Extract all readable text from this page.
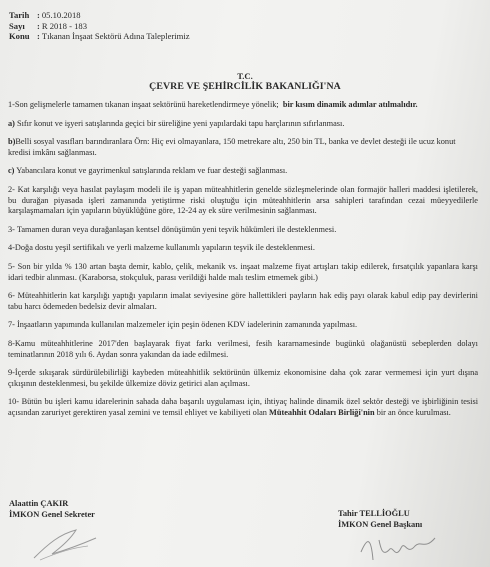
Tarih : 05.10.2018
Sayı : R 2018 - 183
Konu : Tıkanan İnşaat Sektörü Adına Taleplerimiz
T.C.
ÇEVRE VE ŞEHİRCİLİK BAKANLIĞI'NA

1-Son gelişmelerle tamamen tıkanan inşaat sektörünü hareketlendirmeye yönelik; bir kısım dinamik adımlar atılmalıdır.

a) Sıfır konut ve işyeri satışlarında geçici bir süreliğine yeni yapılardaki tapu harçlarının sıfırlanması.

b)Belli sosyal vasıfları barındıranlara Örn: Hiç evi olmayanlara, 150 metrekare altı, 250 bin TL, banka ve devlet desteği ile ucuz konut kredisi imkânı sağlanması.

c) Yabancılara konut ve gayrimenkul satışlarında reklam ve fuar desteği sağlanması.

2- Kat karşılığı veya hasılat paylaşım modeli ile iş yapan müteahhitlerin genelde sözleşmelerinde olan formajör halleri maddesi işletilerek, bu durağan piyasada işleri zamanında yetiştirme riski oluştuğu için müteahhitlerin arsa sahipleri tarafından cezai müeyyedilerle karşılaşmamaları için yapıların büyüklüğüne göre, 12-24 ay ek süre verilmesinin sağlanması.

3- Tamamen duran veya durağanlaşan kentsel dönüşümün yeni teşvik hükümleri ile desteklenmesi.

4-Doğa dostu yeşil sertifikalı ve yerli malzeme kullanımlı yapıların teşvik ile desteklenmesi.

5- Son bir yılda % 130 artan başta demir, kablo, çelik, mekanik vs. inşaat malzeme fiyat artışları takip edilerek, fırsatçılık yapanlara karşı idari tedbir alınması. (Karaborsa, stokçuluk, parası verildiği halde malı teslim etmemek gibi.)

6- Müteahhitlerin kat karşılığı yaptığı yapıların imalat seviyesine göre hallettikleri payların hak ediş payı olarak kabul edip pay devirlerini tabu harcı ödemeden bedelsiz devir almaları.

7- İnşaatların yapımında kullanılan malzemeler için peşin ödenen KDV iadelerinin zamanında yapılması.

8-Kamu müteahhitlerine 2017'den başlayarak fiyat farkı verilmesi, fesih kararnamesinde bugünkü olağanüstü sebeplerden dolayı teminatlarının 2018 yılı 6. Aydan sonra yakından da iade edilmesi.

9-İçerde sıkışarak sürdürülebilirliği kaybeden müteahhitlik sektörünün ülkemiz ekonomisine daha çok zarar vermemesi için yurt dışına çıkışının desteklenmesi, bu şekilde ülkemize döviz getirici alan açılması.

10- Bütün bu işleri kamu idarelerinin sahada daha başarılı uygulaması için, ihtiyaç halinde dinamik özel sektör desteği ve işbirliğinin tesisi açısından zaruriyet gerektiren yasal zemini ve temsil ehliyet ve kabiliyeti olan Müteahhit Odaları Birliği'nin bir an önce kurulması.

Alaattin ÇAKIR
İMKON Genel Sekreter	Tahir TELLİOĞLU
İMKON Genel Başkanı
